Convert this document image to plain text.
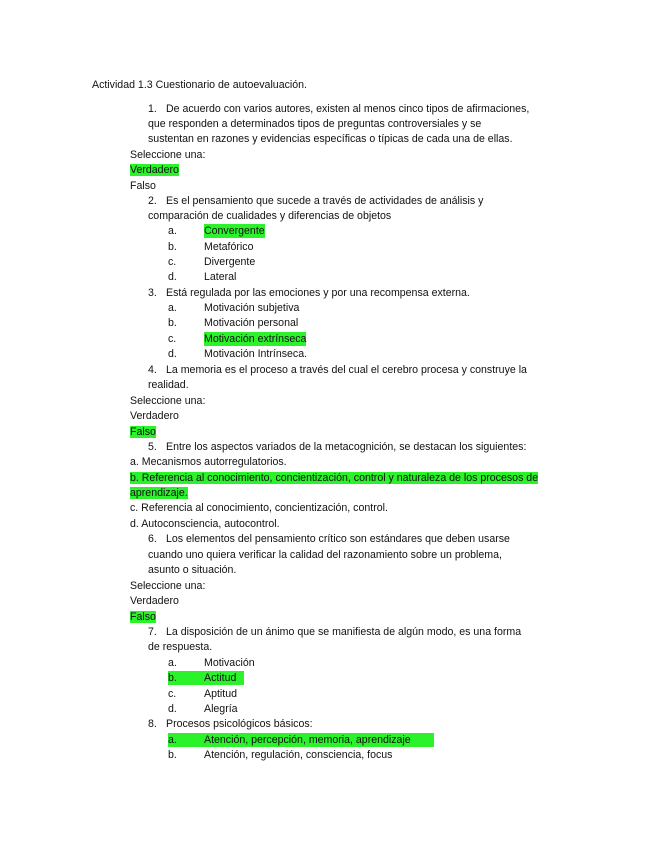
Actividad 1.3 Cuestionario de autoevaluación.
1. De acuerdo con varios autores, existen al menos cinco tipos de afirmaciones,
que responden a determinados tipos de preguntas controversiales y se
sustentan en razones y evidencias específicas o típicas de cada una de ellas.
Seleccione una:
Verdadero
Falso
2. Es el pensamiento que sucede a través de actividades de análisis y
comparación de cualidades y diferencias de objetos
a.	Convergente
b.	Metafórico
c.	Divergente
d.	Lateral
3. Está regulada por las emociones y por una recompensa externa.
a.	Motivación subjetiva
b.	Motivación personal
c.	Motivación extrínseca
d.	Motivación Intrínseca.
4. La memoria es el proceso a través del cual el cerebro procesa y construye la
realidad.
Seleccione una:
Verdadero
Falso
5. Entre los aspectos variados de la metacognición, se destacan los siguientes:
a. Mecanismos autorregulatorios.
b. Referencia al conocimiento, concientización, control y naturaleza de los procesos de
aprendizaje.
c. Referencia al conocimiento, concientización, control.
d. Autoconsciencia, autocontrol.
6. Los elementos del pensamiento crítico son estándares que deben usarse
cuando uno quiera verificar la calidad del razonamiento sobre un problema,
asunto o situación.
Seleccione una:
Verdadero
Falso
7. La disposición de un ánimo que se manifiesta de algún modo, es una forma
de respuesta.
a.	Motivación
b.	Actitud
c.	Aptitud
d.	Alegría
8. Procesos psicológicos básicos:
a.	Atención, percepción, memoria, aprendizaje
b.	Atención, regulación, consciencia, focus
